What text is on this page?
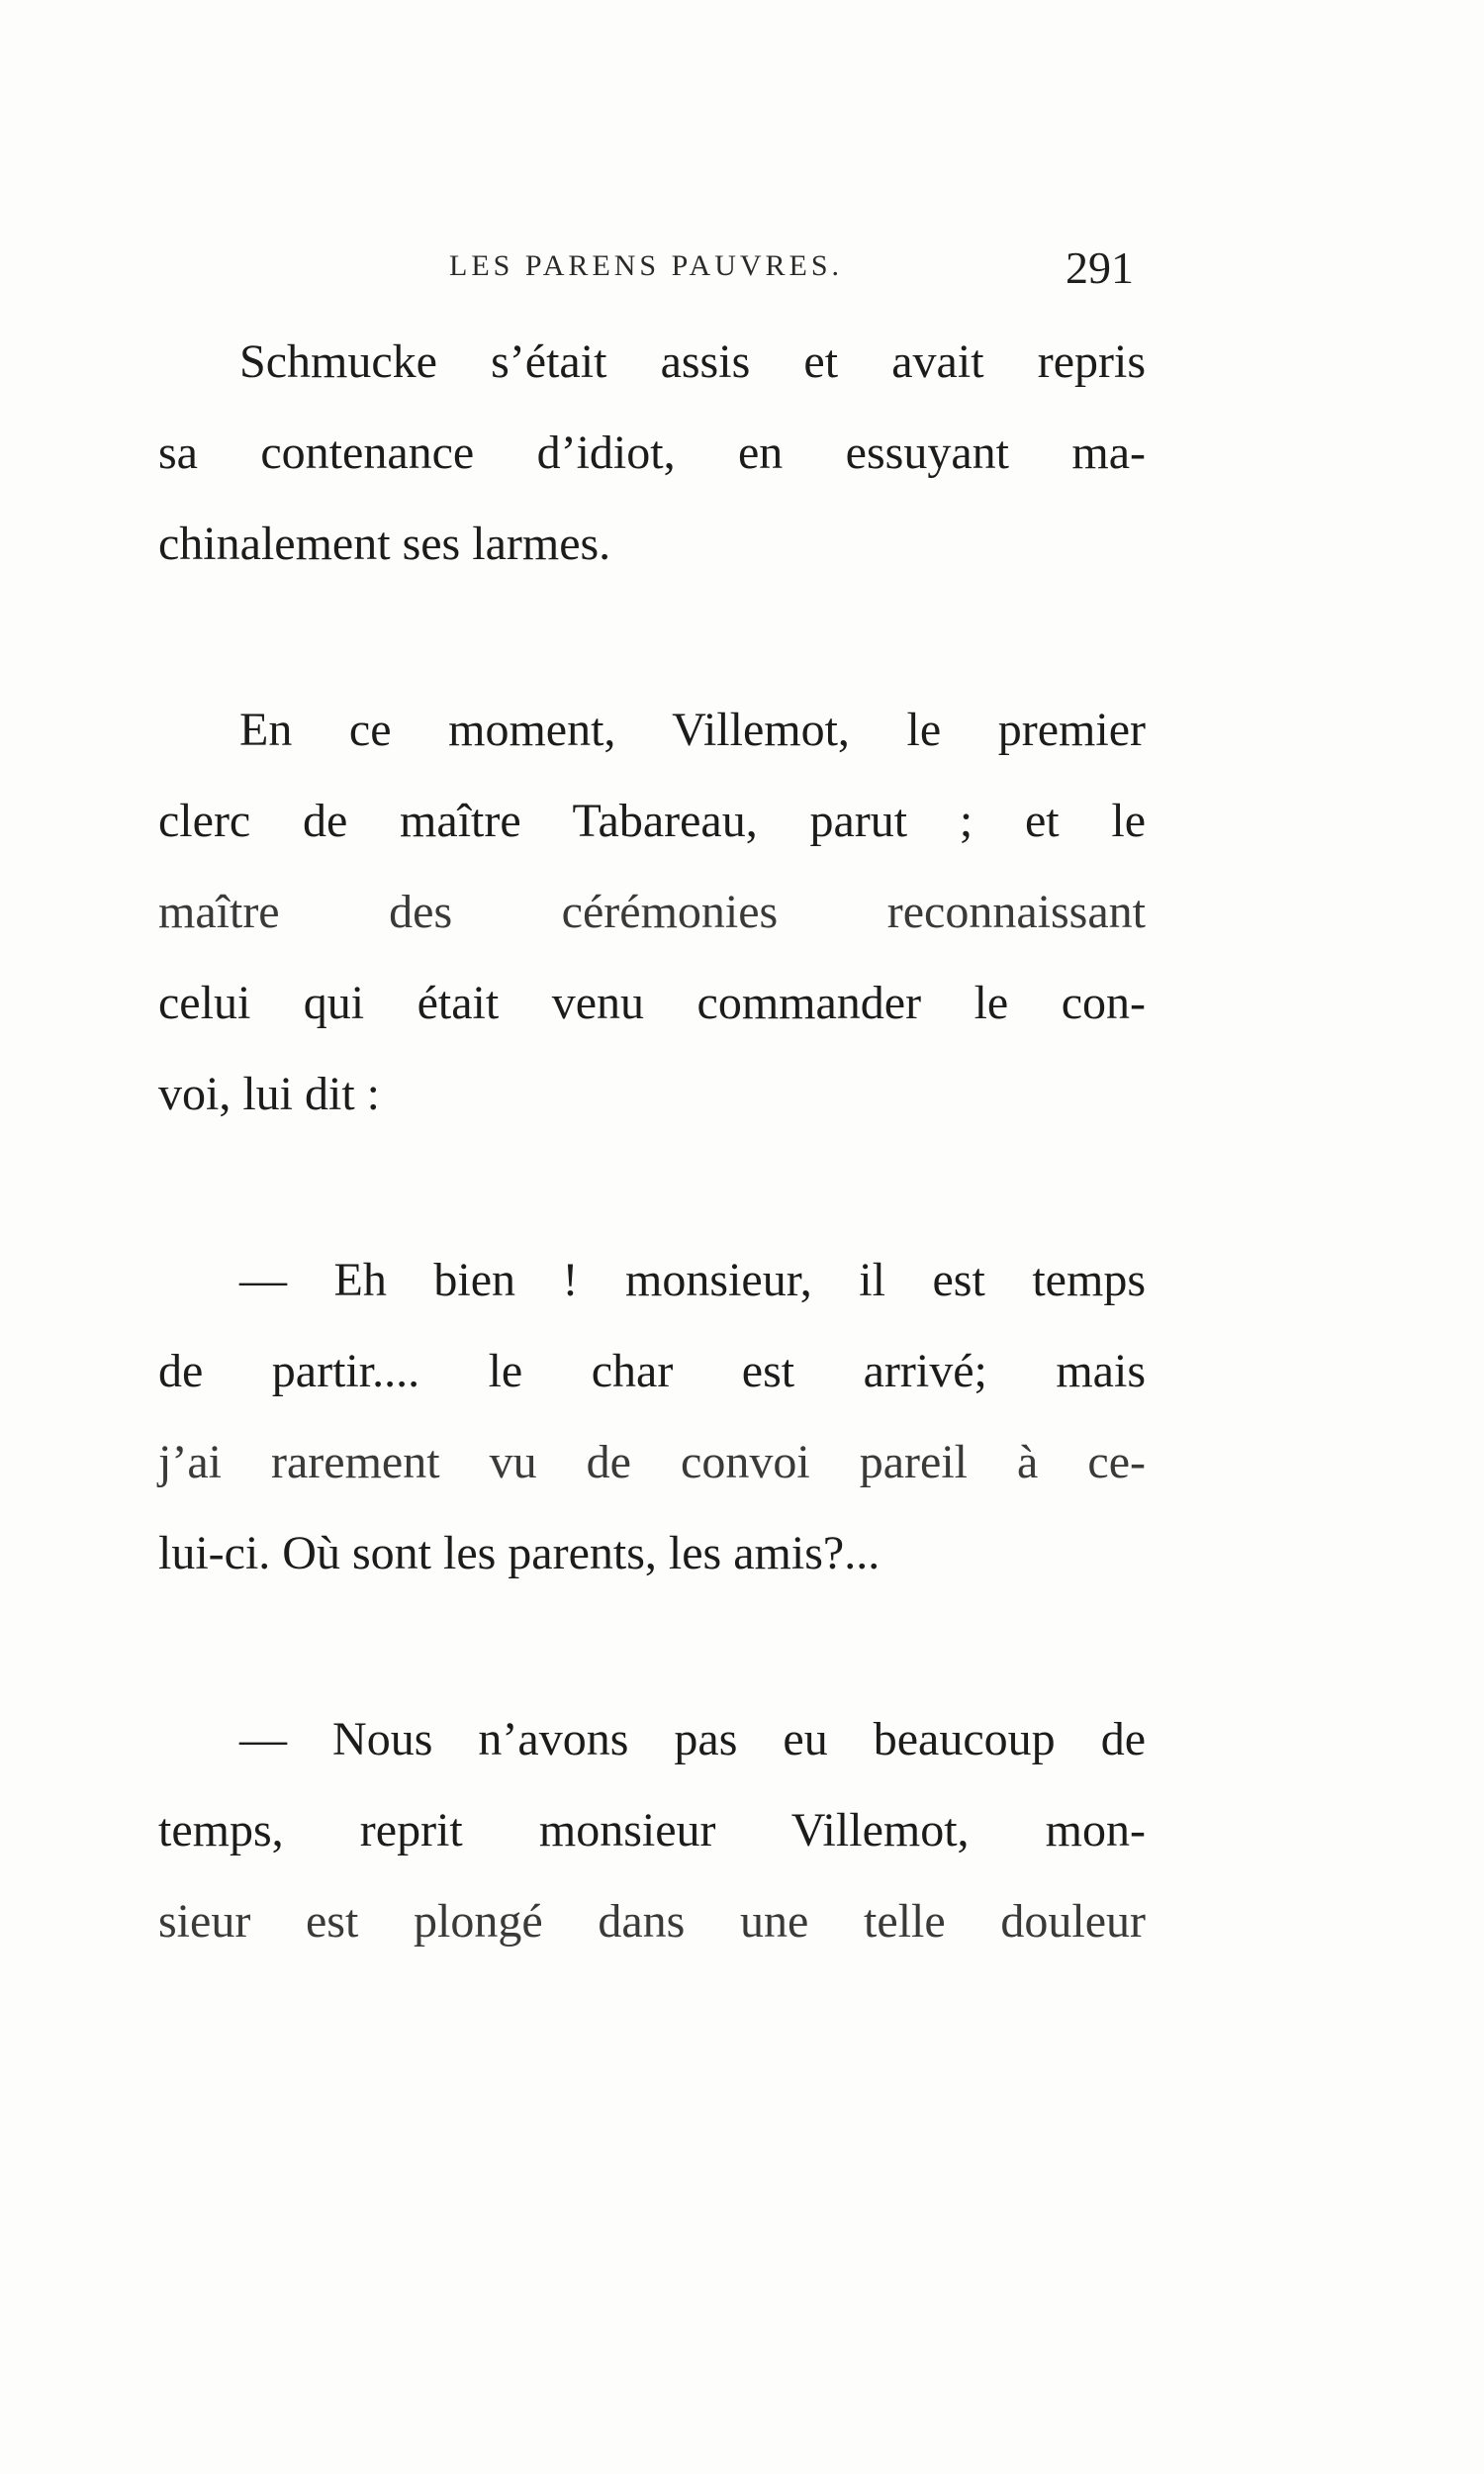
LES PARENS PAUVRES.	291

Schmucke s’était assis et avait repris
sa contenance d’idiot, en essuyant ma-
chinalement ses larmes.

En ce moment, Villemot, le premier
clerc de maître Tabareau, parut ; et le
maître des cérémonies reconnaissant
celui qui était venu commander le con-
voi, lui dit :

— Eh bien ! monsieur, il est temps
de partir.... le char est arrivé; mais
j’ai rarement vu de convoi pareil à ce-
lui-ci. Où sont les parents, les amis?...

— Nous n’avons pas eu beaucoup de
temps, reprit monsieur Villemot, mon-
sieur est plongé dans une telle douleur
